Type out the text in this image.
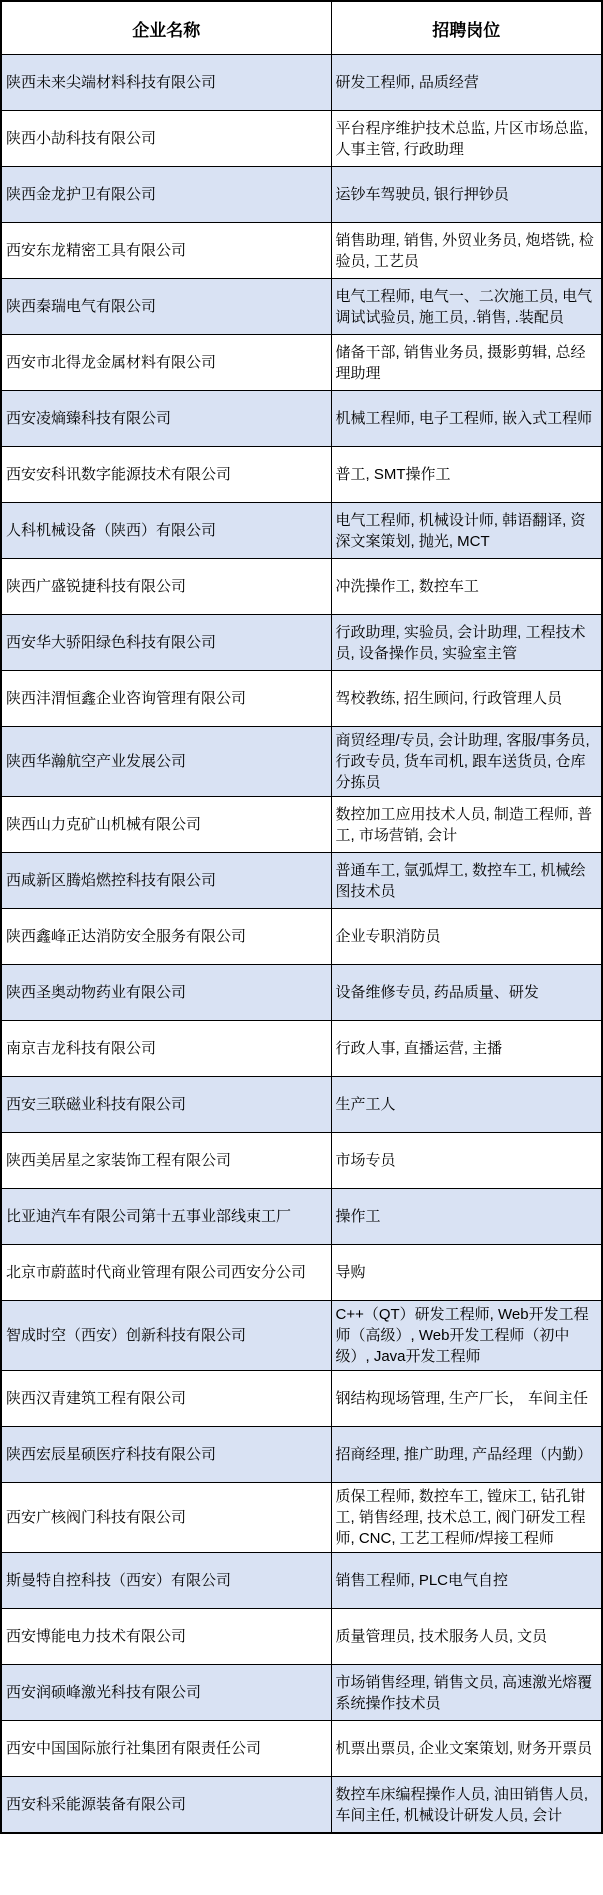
企业名称	招聘岗位
陕西未来尖端材料科技有限公司	研发工程师, 品质经营
陕西小劼科技有限公司	平台程序维护技术总监, 片区市场总监, 人事主管, 行政助理
陕西金龙护卫有限公司	运钞车驾驶员, 银行押钞员
西安东龙精密工具有限公司	销售助理, 销售, 外贸业务员, 炮塔铣, 检验员, 工艺员
陕西秦瑞电气有限公司	电气工程师, 电气一、二次施工员, 电气调试试验员, 施工员, .销售, .装配员
西安市北得龙金属材料有限公司	储备干部, 销售业务员, 摄影剪辑, 总经理助理
西安凌熵臻科技有限公司	机械工程师, 电子工程师, 嵌入式工程师
西安安科讯数字能源技术有限公司	普工, SMT操作工
人科机械设备（陕西）有限公司	电气工程师, 机械设计师, 韩语翻译, 资深文案策划, 抛光, MCT
陕西广盛锐捷科技有限公司	冲洗操作工, 数控车工
西安华大骄阳绿色科技有限公司	行政助理, 实验员, 会计助理, 工程技术员, 设备操作员, 实验室主管
陕西沣渭恒鑫企业咨询管理有限公司	驾校教练, 招生顾问, 行政管理人员
陕西华瀚航空产业发展公司	商贸经理/专员, 会计助理, 客服/事务员, 行政专员, 货车司机, 跟车送货员, 仓库分拣员
陕西山力克矿山机械有限公司	数控加工应用技术人员, 制造工程师, 普工, 市场营销, 会计
西咸新区腾焰燃控科技有限公司	普通车工, 氩弧焊工, 数控车工, 机械绘图技术员
陕西鑫峰正达消防安全服务有限公司	企业专职消防员
陕西圣奥动物药业有限公司	设备维修专员, 药品质量、研发
南京吉龙科技有限公司	行政人事, 直播运营, 主播
西安三联磁业科技有限公司	生产工人
陕西美居星之家装饰工程有限公司	市场专员
比亚迪汽车有限公司第十五事业部线束工厂	操作工
北京市蔚蓝时代商业管理有限公司西安分公司	导购
智成时空（西安）创新科技有限公司	C++（QT）研发工程师, Web开发工程师（高级）, Web开发工程师（初中级）, Java开发工程师
陕西汉青建筑工程有限公司	钢结构现场管理, 生产厂长， 车间主任
陕西宏辰星硕医疗科技有限公司	招商经理, 推广助理, 产品经理（内勤）
西安广核阀门科技有限公司	质保工程师, 数控车工, 镗床工, 钻孔钳工, 销售经理, 技术总工, 阀门研发工程师, CNC, 工艺工程师/焊接工程师
斯曼特自控科技（西安）有限公司	销售工程师, PLC电气自控
西安博能电力技术有限公司	质量管理员, 技术服务人员, 文员
西安润硕峰激光科技有限公司	市场销售经理, 销售文员, 高速激光熔覆系统操作技术员
西安中国国际旅行社集团有限责任公司	机票出票员, 企业文案策划, 财务开票员
西安科采能源装备有限公司	数控车床编程操作人员, 油田销售人员, 车间主任, 机械设计研发人员, 会计
